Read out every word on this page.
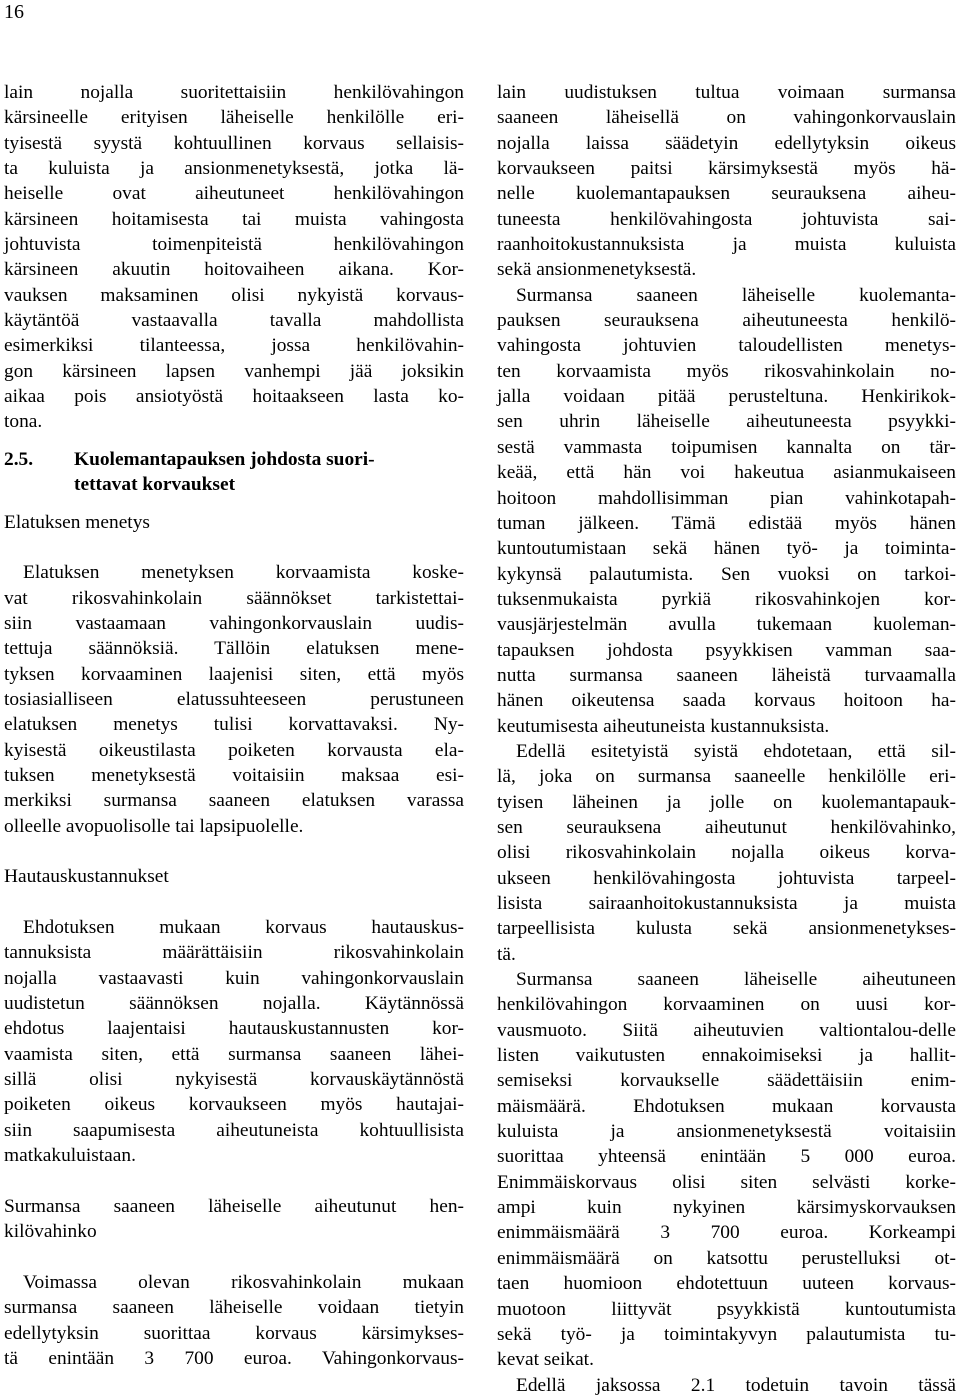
16
lain nojalla suoritettaisiin henkilövahingon
kärsineelle erityisen läheiselle henkilölle eri-
tyisestä syystä kohtuullinen korvaus sellaisis-
ta kuluista ja ansionmenetyksestä, jotka lä-
heiselle ovat aiheutuneet henkilövahingon
kärsineen hoitamisesta tai muista vahingosta
johtuvista toimenpiteistä henkilövahingon
kärsineen akuutin hoitovaiheen aikana. Kor-
vauksen maksaminen olisi nykyistä korvaus-
käytäntöä vastaavalla tavalla mahdollista
esimerkiksi tilanteessa, jossa henkilövahin-
gon kärsineen lapsen vanhempi jää joksikin
aikaa pois ansiotyöstä hoitaakseen lasta ko-
tona.
2.5. Kuolemantapauksen johdosta suori-
tettavat korvaukset
Elatuksen menetys
Elatuksen menetyksen korvaamista koske-
vat rikosvahinkolain säännökset tarkistettai-
siin vastaamaan vahingonkorvauslain uudis-
tettuja säännöksiä. Tällöin elatuksen mene-
tyksen korvaaminen laajenisi siten, että myös
tosiasialliseen elatussuhteeseen perustuneen
elatuksen menetys tulisi korvattavaksi. Ny-
kyisestä oikeustilasta poiketen korvausta ela-
tuksen menetyksestä voitaisiin maksaa esi-
merkiksi surmansa saaneen elatuksen varassa
olleelle avopuolisolle tai lapsipuolelle.
Hautauskustannukset
Ehdotuksen mukaan korvaus hautauskus-
tannuksista määrättäisiin rikosvahinkolain
nojalla vastaavasti kuin vahingonkorvauslain
uudistetun säännöksen nojalla. Käytännössä
ehdotus laajentaisi hautauskustannusten kor-
vaamista siten, että surmansa saaneen lähei-
sillä olisi nykyisestä korvauskäytännöstä
poiketen oikeus korvaukseen myös hautajai-
siin saapumisesta aiheutuneista kohtuullisista
matkakuluistaan.
Surmansa saaneen läheiselle aiheutunut hen-
kilövahinko
Voimassa olevan rikosvahinkolain mukaan
surmansa saaneen läheiselle voidaan tietyin
edellytyksin suorittaa korvaus kärsimykses-
tä enintään 3 700 euroa. Vahingonkorvaus-
lain uudistuksen tultua voimaan surmansa
saaneen läheisellä on vahingonkorvauslain
nojalla laissa säädetyin edellytyksin oikeus
korvaukseen paitsi kärsimyksestä myös hä-
nelle kuolemantapauksen seurauksena aiheu-
tuneesta henkilövahingosta johtuvista sai-
raanhoitokustannuksista ja muista kuluista
sekä ansionmenetyksestä.
Surmansa saaneen läheiselle kuolemanta-
pauksen seurauksena aiheutuneesta henkilö-
vahingosta johtuvien taloudellisten menetys-
ten korvaamista myös rikosvahinkolain no-
jalla voidaan pitää perusteltuna. Henkirikok-
sen uhrin läheiselle aiheutuneesta psyykki-
sestä vammasta toipumisen kannalta on tär-
keää, että hän voi hakeutua asianmukaiseen
hoitoon mahdollisimman pian vahinkotapah-
tuman jälkeen. Tämä edistää myös hänen
kuntoutumistaan sekä hänen työ- ja toiminta-
kykynsä palautumista. Sen vuoksi on tarkoi-
tuksenmukaista pyrkiä rikosvahinkojen kor-
vausjärjestelmän avulla tukemaan kuoleman-
tapauksen johdosta psyykkisen vamman saa-
nutta surmansa saaneen läheistä turvaamalla
hänen oikeutensa saada korvaus hoitoon ha-
keutumisesta aiheutuneista kustannuksista.
Edellä esitetyistä syistä ehdotetaan, että sil-
lä, joka on surmansa saaneelle henkilölle eri-
tyisen läheinen ja jolle on kuolemantapauk-
sen seurauksena aiheutunut henkilövahinko,
olisi rikosvahinkolain nojalla oikeus korva-
ukseen henkilövahingosta johtuvista tarpeel-
lisista sairaanhoitokustannuksista ja muista
tarpeellisista kulusta sekä ansionmenetykses-
tä.
Surmansa saaneen läheiselle aiheutuneen
henkilövahingon korvaaminen on uusi kor-
vausmuoto. Siitä aiheutuvien valtiontalou-delle
listen vaikutusten ennakoimiseksi ja hallit-
semiseksi korvaukselle säädettäisiin enim-
mäismäärä. Ehdotuksen mukaan korvausta
kuluista ja ansionmenetyksestä voitaisiin
suorittaa yhteensä enintään 5 000 euroa.
Enimmäiskorvaus olisi siten selvästi korke-
ampi kuin nykyinen kärsimyskorvauksen
enimmäismäärä 3 700 euroa. Korkeampi
enimmäismäärä on katsottu perustelluksi ot-
taen huomioon ehdotettuun uuteen korvaus-
muotoon liittyvät psyykkistä kuntoutumista
sekä työ- ja toimintakyvyn palautumista tu-
kevat seikat.
Edellä jaksossa 2.1 todetuin tavoin tässä
